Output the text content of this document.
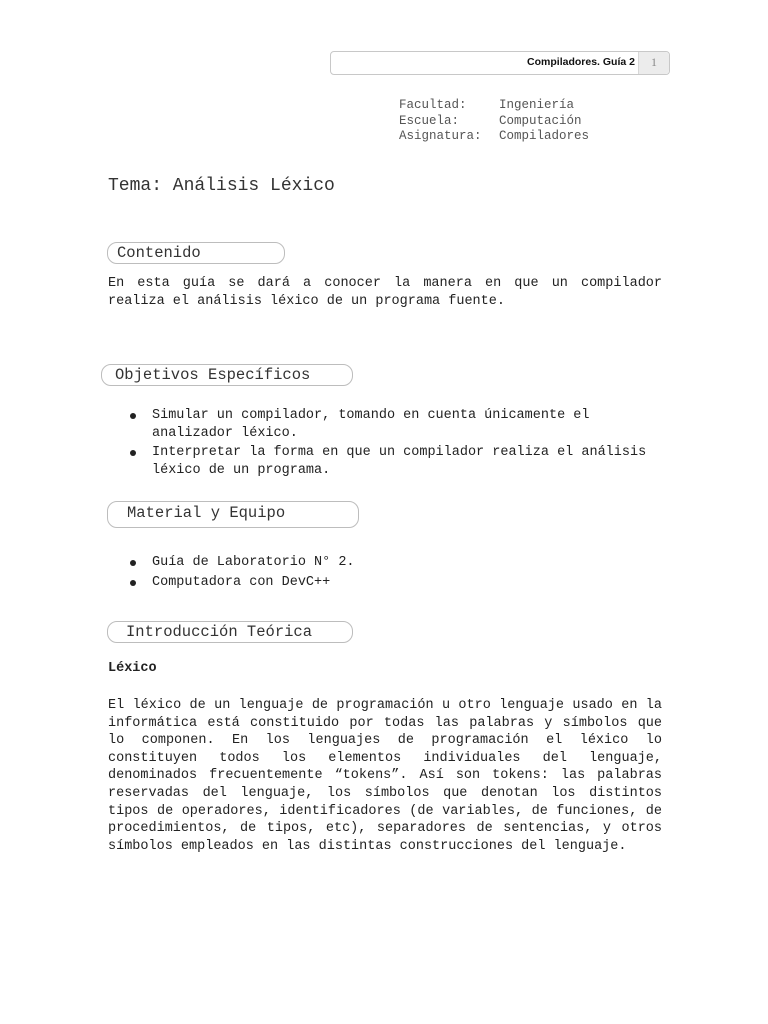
Compiladores. Guía 2	1
Facultad:	Ingeniería
Escuela:	Computación
Asignatura: Compiladores
Tema: Análisis Léxico
Contenido
En esta guía se dará a conocer la manera en que un compilador realiza el análisis léxico de un programa fuente.
Objetivos Específicos
Simular un compilador, tomando en cuenta únicamente el analizador léxico.
Interpretar la forma en que un compilador realiza el análisis léxico de un programa.
Material y Equipo
Guía de Laboratorio N° 2.
Computadora con DevC++
Introducción Teórica
Léxico
El léxico de un lenguaje de programación u otro lenguaje usado en la informática está constituido por todas las palabras y símbolos que lo componen. En los lenguajes de programación el léxico lo constituyen todos los elementos individuales del lenguaje, denominados frecuentemente “tokens”. Así son tokens: las palabras reservadas del lenguaje, los símbolos que denotan los distintos tipos de operadores, identificadores (de variables, de funciones, de procedimientos, de tipos, etc), separadores de sentencias, y otros símbolos empleados en las distintas construcciones del lenguaje.
